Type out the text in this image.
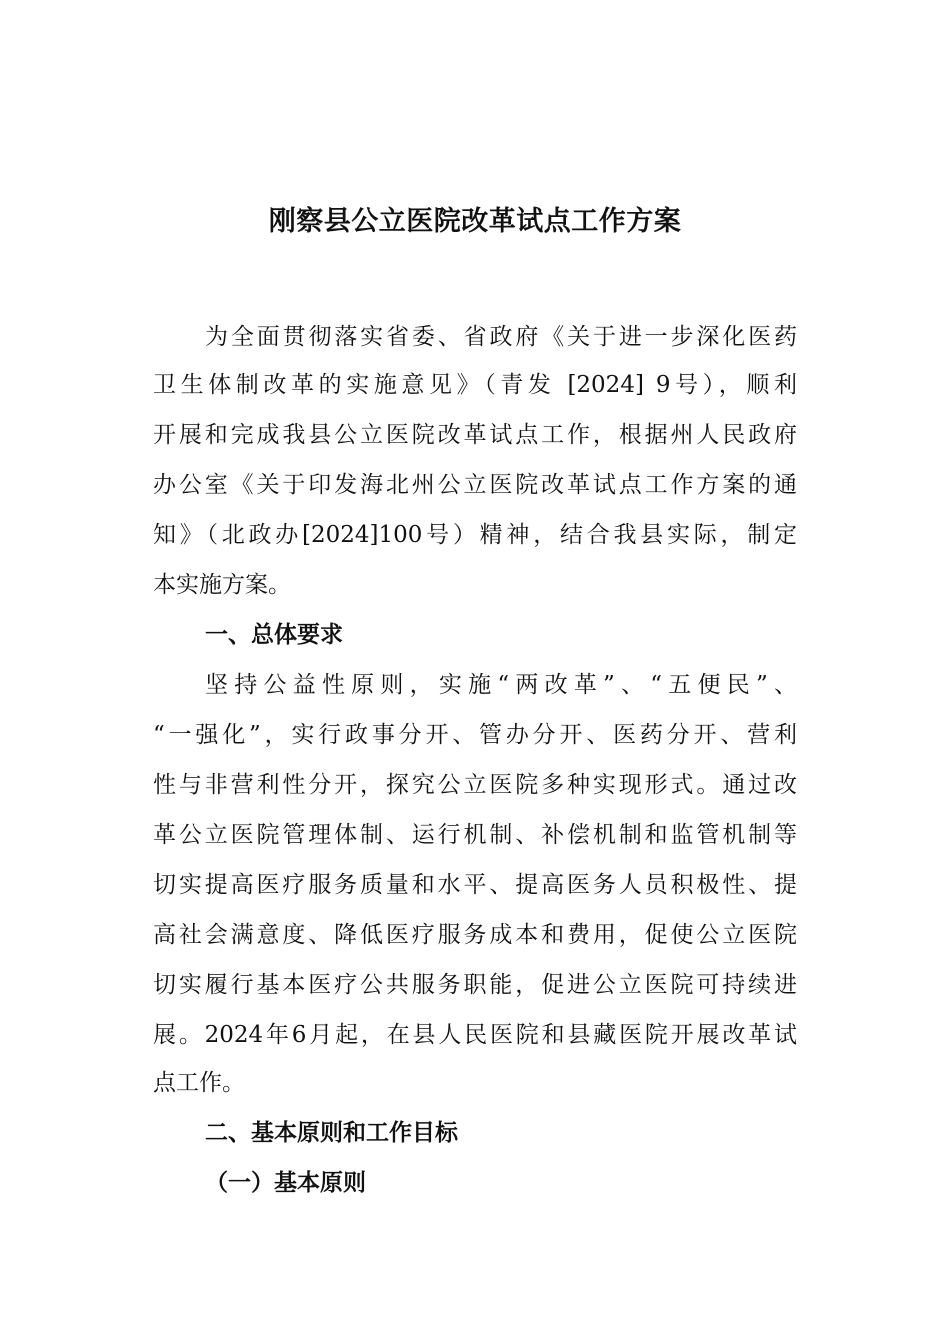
刚察县公立医院改革试点工作方案
为全面贯彻落实省委、省政府《关于进一步深化医药
卫生体制改革的实施意见》（青发 [2024] 9号），顺利
开展和完成我县公立医院改革试点工作，根据州人民政府
办公室《关于印发海北州公立医院改革试点工作方案的通
知》（北政办[2024]100号）精神，结合我县实际，制定
本实施方案。
一、总体要求
坚持公益性原则，实施“两改革”、“五便民”、
“一强化”，实行政事分开、管办分开、医药分开、营利
性与非营利性分开，探究公立医院多种实现形式。通过改
革公立医院管理体制、运行机制、补偿机制和监管机制等
切实提高医疗服务质量和水平、提高医务人员积极性、提
高社会满意度、降低医疗服务成本和费用，促使公立医院
切实履行基本医疗公共服务职能，促进公立医院可持续进
展。2024年6月起，在县人民医院和县藏医院开展改革试
点工作。
二、基本原则和工作目标
（一）基本原则
